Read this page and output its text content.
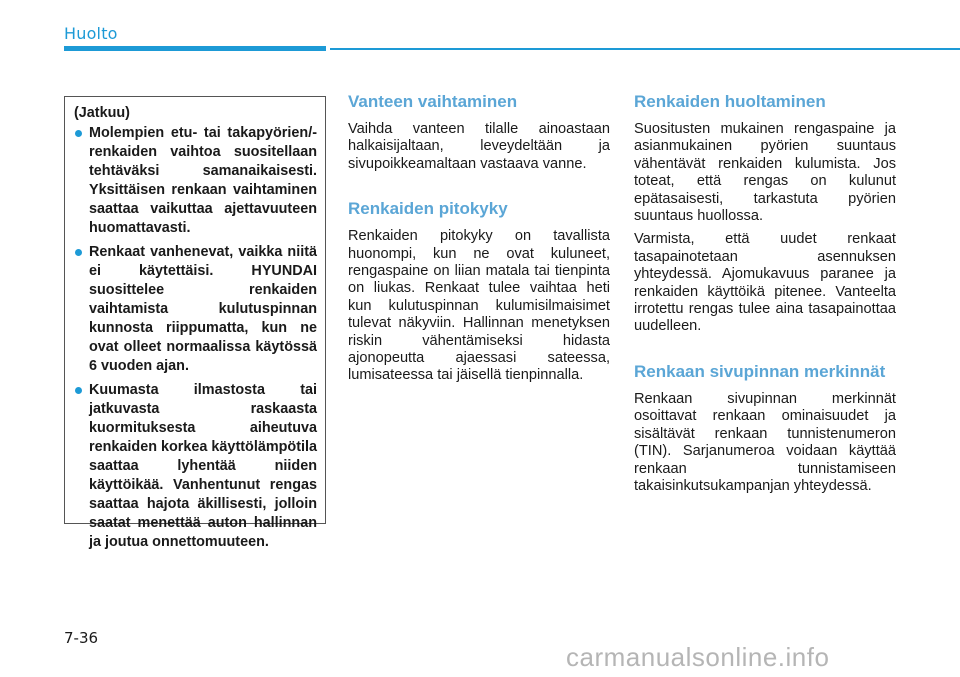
Huolto
(Jatkuu)
Molempien etu- tai takapyörien/-renkaiden vaihtoa suositellaan tehtäväksi samanaikaisesti. Yksittäisen renkaan vaihtaminen saattaa vaikuttaa ajettavuuteen huomattavasti.
Renkaat vanhenevat, vaikka niitä ei käytettäisi. HYUNDAI suosittelee renkaiden vaihtamista kulutuspinnan kunnosta riippumatta, kun ne ovat olleet normaalissa käytössä 6 vuoden ajan.
Kuumasta ilmastosta tai jatkuvasta raskaasta kuormituksesta aiheutuva renkaiden korkea käyttölämpötila saattaa lyhentää niiden käyttöikää. Vanhentunut rengas saattaa hajota äkillisesti, jolloin saatat menettää auton hallinnan ja joutua onnettomuuteen.
Vanteen vaihtaminen

Vaihda vanteen tilalle ainoastaan halkaisijaltaan, leveydeltään ja sivupoikkeamaltaan vastaava vanne.

Renkaiden pitokyky

Renkaiden pitokyky on tavallista huonompi, kun ne ovat kuluneet, rengaspaine on liian matala tai tienpinta on liukas. Renkaat tulee vaihtaa heti kun kulutuspinnan kulumisilmaisimet tulevat näkyviin. Hallinnan menetyksen riskin vähentämiseksi hidasta ajonopeutta ajaessasi sateessa, lumisateessa tai jäisellä tienpinnalla.

Renkaiden huoltaminen

Suositusten mukainen rengaspaine ja asianmukainen pyörien suuntaus vähentävät renkaiden kulumista. Jos toteat, että rengas on kulunut epätasaisesti, tarkastuta pyörien suuntaus huollossa.

Varmista, että uudet renkaat tasapainotetaan asennuksen yhteydessä. Ajomukavuus paranee ja renkaiden käyttöikä pitenee. Vanteelta irrotettu rengas tulee aina tasapainottaa uudelleen.

Renkaan sivupinnan merkinnät

Renkaan sivupinnan merkinnät osoittavat renkaan ominaisuudet ja sisältävät renkaan tunnistenumeron (TIN). Sarjanumeroa voidaan käyttää renkaan tunnistamiseen takaisinkutsukampanjan yhteydessä.

7-36
carmanualsonline.info
